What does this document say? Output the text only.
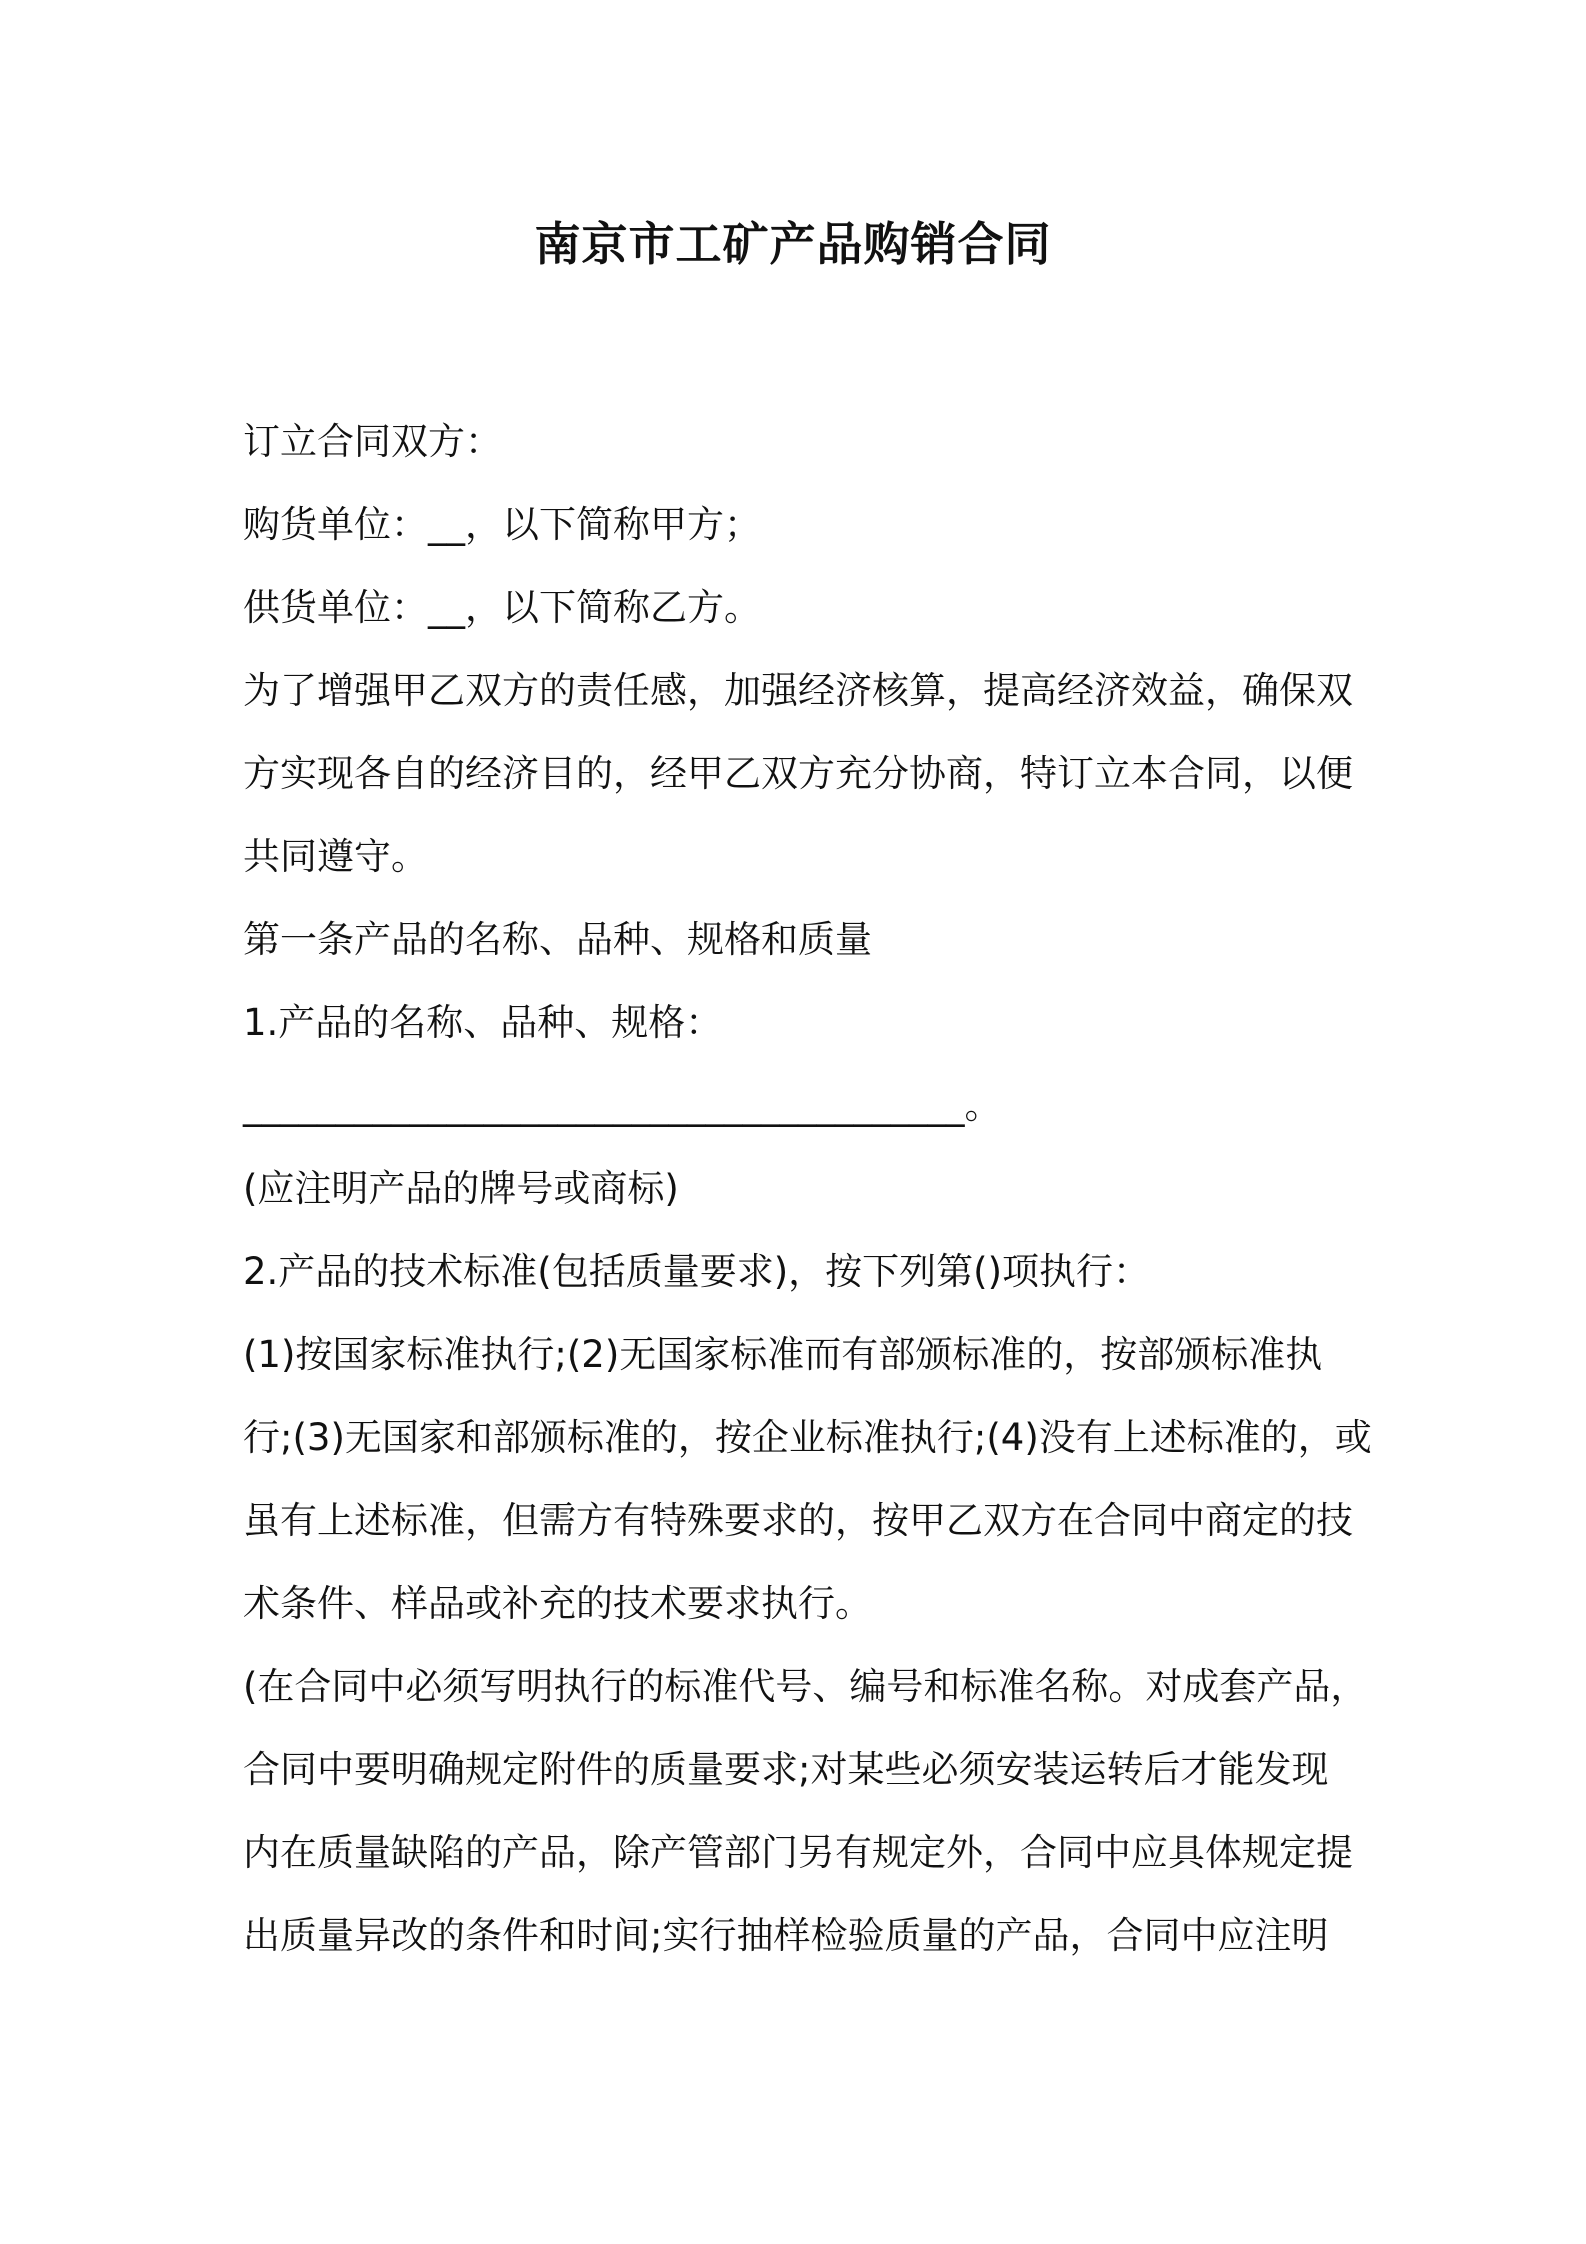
南京市工矿产品购销合同

订立合同双方：

购货单位：__，以下简称甲方；

供货单位：__，以下简称乙方。

为了增强甲乙双方的责任感，加强经济核算，提高经济效益，确保双

方实现各自的经济目的，经甲乙双方充分协商，特订立本合同，以便

共同遵守。

第一条产品的名称、品种、规格和质量

1.产品的名称、品种、规格：

_______________________________________。

(应注明产品的牌号或商标)

2.产品的技术标准(包括质量要求)，按下列第()项执行：

(1)按国家标准执行;(2)无国家标准而有部颁标准的，按部颁标准执

行;(3)无国家和部颁标准的，按企业标准执行;(4)没有上述标准的，或

虽有上述标准，但需方有特殊要求的，按甲乙双方在合同中商定的技

术条件、样品或补充的技术要求执行。

(在合同中必须写明执行的标准代号、编号和标准名称。对成套产品，

合同中要明确规定附件的质量要求;对某些必须安装运转后才能发现

内在质量缺陷的产品，除产管部门另有规定外，合同中应具体规定提

出质量异改的条件和时间;实行抽样检验质量的产品，合同中应注明
